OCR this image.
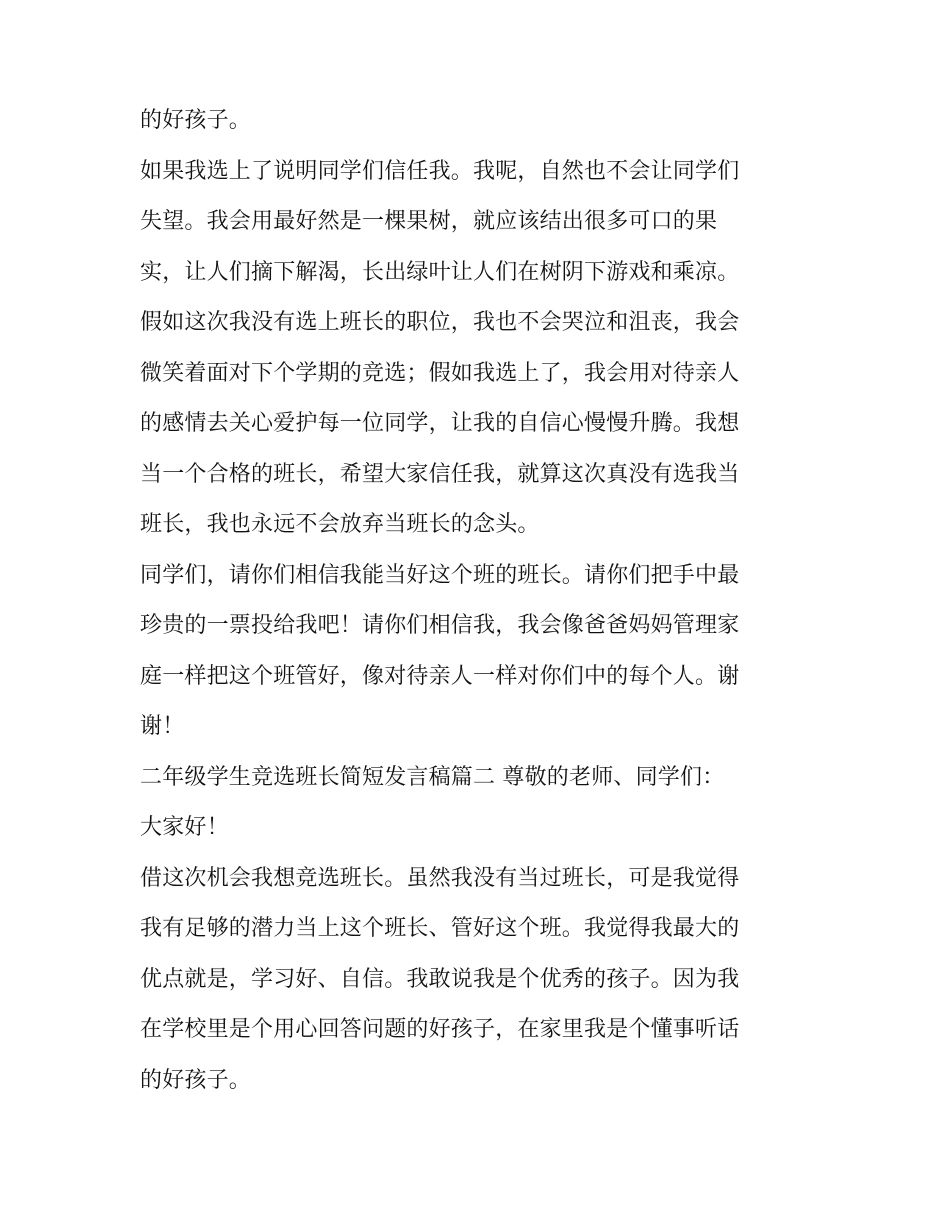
的好孩子。

如果我选上了说明同学们信任我。我呢，自然也不会让同学们

失望。我会用最好然是一棵果树，就应该结出很多可口的果

实，让人们摘下解渴，长出绿叶让人们在树阴下游戏和乘凉。

假如这次我没有选上班长的职位，我也不会哭泣和沮丧，我会

微笑着面对下个学期的竞选；假如我选上了，我会用对待亲人

的感情去关心爱护每一位同学，让我的自信心慢慢升腾。我想

当一个合格的班长，希望大家信任我，就算这次真没有选我当

班长，我也永远不会放弃当班长的念头。

同学们，请你们相信我能当好这个班的班长。请你们把手中最

珍贵的一票投给我吧！请你们相信我，我会像爸爸妈妈管理家

庭一样把这个班管好，像对待亲人一样对你们中的每个人。谢

谢！

二年级学生竞选班长简短发言稿篇二 尊敬的老师、同学们：

大家好！

借这次机会我想竞选班长。虽然我没有当过班长，可是我觉得

我有足够的潜力当上这个班长、管好这个班。我觉得我最大的

优点就是，学习好、自信。我敢说我是个优秀的孩子。因为我

在学校里是个用心回答问题的好孩子，在家里我是个懂事听话

的好孩子。
